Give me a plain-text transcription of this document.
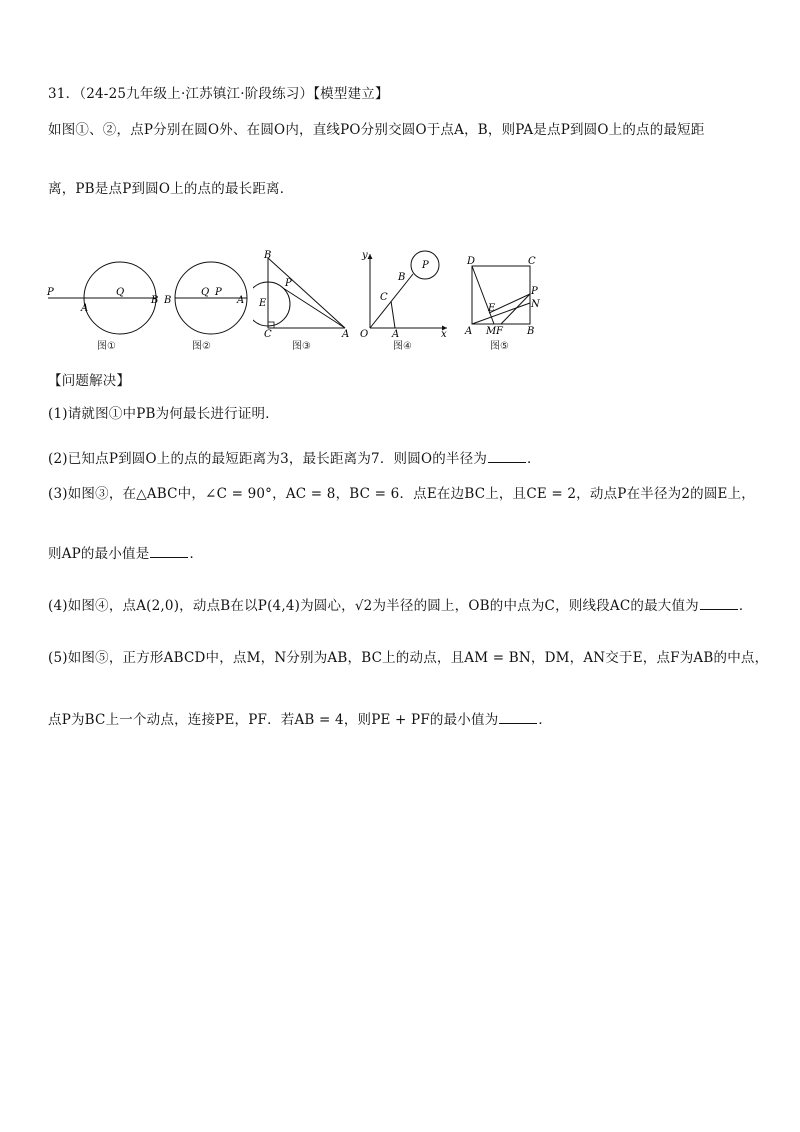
31．（24-25九年级上·江苏镇江·阶段练习）【模型建立】
如图①、②，点P分别在圆O外、在圆O内，直线PO分别交圆O于点A，B，则PA是点P到圆O上的点的最短距
离，PB是点P到圆O上的点的最长距离．
P
A
Q
B
图①
B
Q P
A
图②
B
P
E
C	A
图③
y
P
B
C
O A	x
图④
D	C
P
N
E
A M F B
图⑤
【问题解决】
(1)请就图①中PB为何最长进行证明．
(2)已知点P到圆O上的点的最短距离为3，最长距离为7．则圆O的半径为	．
(3)如图③，在△ABC中，∠C = 90°，AC = 8，BC = 6．点E在边BC上，且CE = 2，动点P在半径为2的圆E上，
则AP的最小值是	．
(4)如图④，点A(2,0)，动点B在以P(4,4)为圆心，√2为半径的圆上，OB的中点为C，则线段AC的最大值为	．
(5)如图⑤，正方形ABCD中，点M，N分别为AB，BC上的动点，且AM = BN，DM，AN交于E，点F为AB的中点，
点P为BC上一个动点，连接PE，PF．若AB = 4，则PE + PF的最小值为	．
